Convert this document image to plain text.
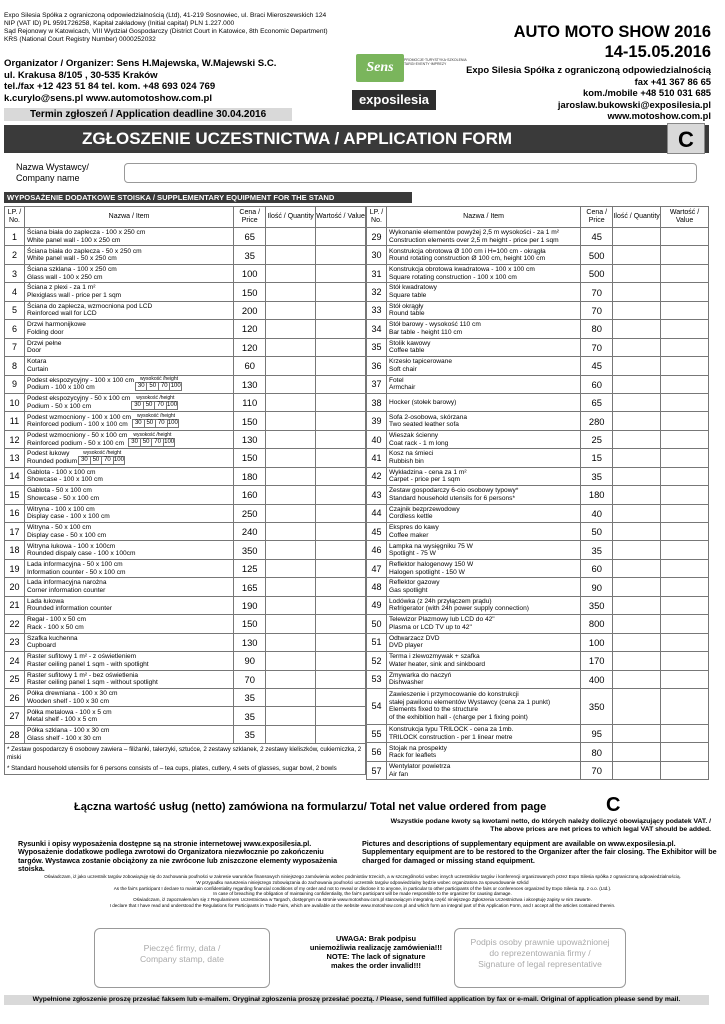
Expo Silesia Spółka z ograniczoną odpowiedzialnością (Ltd), 41-219 Sosnowiec, ul. Braci Mieroszewskich 124
NIP (VAT ID) PL 9591726258, Kapitał zakładowy (Initial capital) PLN 1.227.000
Sąd Rejonowy w Katowicach, VIII Wydział Gospodarczy (District Court in Katowice, 8th Economic Department)
KRS (National Court Registry Number) 0000252032
Organizator / Organizer: Sens H.Majewska, W.Majewski S.C.
ul. Krakusa 8/105 , 30-535 Kraków
tel./fax +12 423 51 84 tel. kom. +48 693 024 769
k.curylo@sens.pl www.automotoshow.com.pl
Termin zgłoszeń / Application deadline 30.04.2016
Sens	PROMOCJE·TURYSTYKA·SZKOLENIA TARGI·EVENTY·IMPREZY
exposilesia
AUTO MOTO SHOW 2016
14-15.05.2016
Expo Silesia Spółka z ograniczoną odpowiedzialnością
fax +41 367 86 65
kom./mobile +48 510 031 685
jaroslaw.bukowski@exposilesia.pl
www.motoshow.com.pl
ZGŁOSZENIE UCZESTNICTWA / APPLICATION FORM	C
Nazwa Wystawcy/
Company name
WYPOSAŻENIE DODATKOWE STOISKA / SUPPLEMENTARY EQUIPMENT FOR THE STAND
LP. / No.	Nazwa / Item	Cena / Price	Ilość / Quantity	Wartość / Value
1	Ściana biała do zaplecza - 100 x 250 cm
White panel wall - 100 x 250 cm	65		
2	Ściana biała do zaplecza - 50 x 250 cm
White panel wall - 50 x 250 cm	35		
3	Ściana szklana - 100 x 250 cm
Glass wall - 100 x 250 cm	100		
4	Ściana z plexi - za 1 m²
Plexiglass wall - price per 1 sqm	150		
5	Ściana do zaplecza, wzmocniona pod LCD
Reinforced wall for LCD	200		
6	Drzwi harmonijkowe
Folding door	120		
7	Drzwi pełne
Door	120		
8	Kotara
Curtain	60		
9	Podest ekspozycyjny - 100 x 100 cm
Podium - 100 x 100 cm
wysokość /height
30 50 70 100	130		
10	Podest ekspozycyjny - 50 x 100 cm
Podium - 50 x 100 cm
wysokość /height
30 50 70 100	110		
11	Podest wzmocniony - 100 x 100 cm
Reinforced podium - 100 x 100 cm
wysokość /height
30 50 70 100	150		
12	Podest wzmocniony - 50 x 100 cm
Reinforced podium - 50 x 100 cm
wysokość /height
30 50 70 100	130		
13	Podest łukowy
Rounded podium
wysokość /height
30 50 70 100	150		
14	Gablota - 100 x 100 cm
Showcase - 100 x 100 cm	180		
15	Gablota - 50 x 100 cm
Showcase - 50 x 100 cm	160		
16	Witryna - 100 x 100 cm
Display case - 100 x 100 cm	250		
17	Witryna - 50 x 100 cm
Display case - 50 x 100 cm	240		
18	Witryna łukowa - 100 x 100cm
Rounded dispaly case - 100 x 100cm	350		
19	Lada informacyjna - 50 x 100 cm
Information counter - 50 x 100 cm	125		
20	Lada informacyjna narożna
Corner information counter	165		
21	Lada łukowa
Rounded information counter	190		
22	Regał - 100 x 50 cm
Rack - 100 x 50 cm	150		
23	Szafka kuchenna
Cupboard	130		
24	Raster sufitowy 1 m² - z oświetleniem
Raster ceiling panel 1 sqm - with spotlight	90		
25	Raster sufitowy 1 m² - bez oświetlenia
Raster ceiling panel 1 sqm - without spotlight	70		
26	Półka drewniana - 100 x 30 cm
Wooden shelf - 100 x 30 cm	35		
27	Półka metalowa - 100 x 5 cm
Metal shelf - 100 x 5 cm	35		
28	Półka szklana - 100 x 30 cm
Glass shelf - 100 x 30 cm	35		

* Zestaw gospodarczy 6 osobowy zawiera – filiżanki, talerzyki, sztućce, 2 zestawy szklanek, 2 zestawy kieliszków, cukierniczka, 2 miski
* Standard household utensils for 6 persons consists of – tea cups, plates, cutlery, 4 sets of glasses, sugar bowl, 2 bowls				
LP. / No.	Nazwa / Item	Cena / Price	Ilość / Quantity	Wartość / Value
29	Wykonanie elementów powyżej 2,5 m wysokości - za 1 m²
Construction elements over 2,5 m height - price per 1 sqm	45		
30	Konstrukcja obrotowa Ø 100 cm i H=100 cm - okrągła
Round rotating construction Ø 100 cm, height 100 cm	500		
31	Konstrukcja obrotowa kwadratowa - 100 x 100 cm
Square rotating construction - 100 x 100 cm	500		
32	Stół kwadratowy
Square table	70		
33	Stół okrągły
Round table	70		
34	Stół barowy - wysokość 110 cm
Bar table - height 110 cm	80		
35	Stolik kawowy
Coffee table	70		
36	Krzesło tapicerowane
Soft chair	45		
37	Fotel
Armchair	60		
38	Hocker (stołek barowy)	65		
39	Sofa 2-osobowa, skórzana
Two seated leather sofa	280		
40	Wieszak ścienny
Coat rack - 1 m long	25		
41	Kosz na śmieci
Rubbish bin	15		
42	Wykładzina - cena za 1 m²
Carpet - price per 1 sqm	35		
43	Zestaw gospodarczy 6-cio osobowy typowy*
Standard household utensils for 6 persons*	180		
44	Czajnik bezprzewodowy
Cordless kettle	40		
45	Ekspres do kawy
Coffee maker	50		
46	Lampka na wysięgniku 75 W
Spotlight - 75 W	35		
47	Reflektor halogenowy 150 W
Halogen spotlight - 150 W	60		
48	Reflektor gazowy
Gas spotlight	90		
49	Lodówka (z 24h przyłączem prądu)
Refrigerator (with 24h power supply connection)	350		
50	Telewizor Plazmowy lub LCD do 42"
Plasma or LCD TV up to 42"	800		
51	Odtwarzacz DVD
DVD player	100		
52	Terma i zlewozmywak + szafka
Water heater, sink and sinkboard	170		
53	Zmywarka do naczyń
Dishwasher	400		
54	Zawieszenie i przymocowanie do konstrukcji
stałej pawilonu elementów Wystawcy (cena za 1 punkt)
Elements fixed to the structure
of the exhibition hall - (charge per 1 fixing point)	350		
55	Konstrukcja typu TRILOCK - cena za 1mb.
TRILOCK construction - per 1 linear metre	95		
56	Stojak na prospekty
Rack for leaflets	80		
57	Wentylator powietrza
Air fan	70		
Łączna wartość usług (netto) zamówiona na formularzu/ Total net value ordered from page	C
Wszystkie podane kwoty są kwotami netto, do których należy doliczyć obowiązujący podatek VAT. /
The above prices are net prices to which legal VAT should be added.
Rysunki i opisy wyposażenia dostępne są na stronie internetowej www.exposilesia.pl. Wyposażenie dodatkowe podlega zwrotowi do Organizatora niezwłocznie po zakończeniu targów. Wystawca zostanie obciążony za nie zwrócone lub zniszczone elementy wyposażenia stoiska.
Pictures and descriptions of supplementary equipment are available on www.exposilesia.pl. Supplementary equipment are to be restored to the Organizer after the fair closing. The Exhibitor will be charged for damaged or missing stand equipment.
Oświadczam, iż jako uczestnik targów zobowiązuję się do zachowania poufności w zakresie warunków finansowych niniejszego zamówienia wobec podmiotów trzecich, a w szczególności wobec innych uczestników targów i konferencji organizowanych przez Expo Silesia spółka z ograniczoną odpowiedzialnością.
W przypadku naruszenia niniejszego zobowiązania do zachowania poufności uczestnik targów odpowiedzialny będzie wobec organizatora za spowodowanie szkód
As the fair's participant I declare to maintain confidentiality regarding financial conditions of my order and not to reveal or disclose it to anyone, in particular to other participants of the fairs or conferences organized by Expo Silesia Sp. z o.o. (Ltd.).
In case of breaching the obligation of maintaining confidentiality, the fair's participant will be made responsible to the organizer for causing damage.
Oświadczam, iż zapoznałem/am się z Regulaminem Uczestnictwa w Targach, dostępnym na stronie www.motoshow.com.pl stanowiącym integralną część niniejszego Zgłoszenia Uczestnictwa i akceptuję zapisy w nim zawarte.
I declare that I have read and understood the Regulations for Participants in Trade Fairs, which are available at the website www.motoshow.com.pl and which form an integral part of this Application Form, and I accept all the articles contained therein.
Pieczęć firmy, data /
Company stamp, date
UWAGA: Brak podpisu
uniemożliwia realizację zamówienia!!!
NOTE: The lack of signature
makes the order invalid!!!
Podpis osoby prawnie upoważnionej
do reprezentowania firmy /
Signature of legal representative
Wypełnione zgłoszenie proszę przesłać faksem lub e-mailem. Oryginał zgłoszenia proszę przesłać pocztą. / Please, send fulfilled application by fax or e-mail. Original of application please send by mail.
